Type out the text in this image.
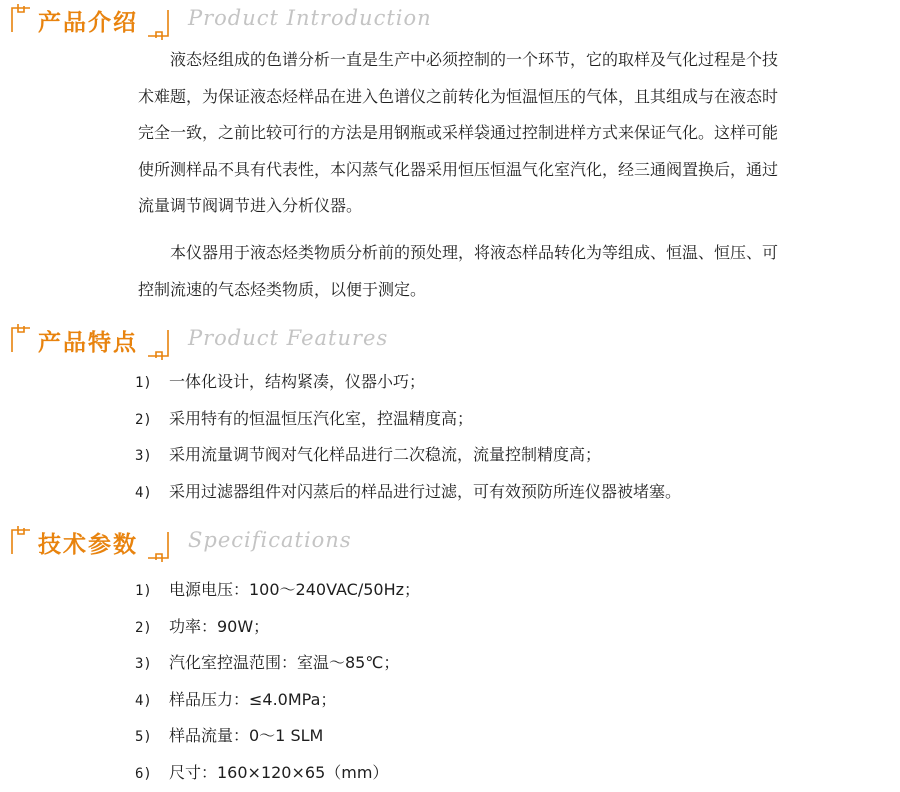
产品介绍 Product Introduction

液态烃组成的色谱分析一直是生产中必须控制的一个环节，它的取样及气化过程是个技术难题，为保证液态烃样品在进入色谱仪之前转化为恒温恒压的气体，且其组成与在液态时完全一致，之前比较可行的方法是用钢瓶或采样袋通过控制进样方式来保证气化。这样可能使所测样品不具有代表性，本闪蒸气化器采用恒压恒温气化室汽化，经三通阀置换后，通过流量调节阀调节进入分析仪器。

本仪器用于液态烃类物质分析前的预处理，将液态样品转化为等组成、恒温、恒压、可控制流速的气态烃类物质，以便于测定。

产品特点 Product Features
1) 一体化设计，结构紧凑，仪器小巧；
2) 采用特有的恒温恒压汽化室，控温精度高；
3) 采用流量调节阀对气化样品进行二次稳流，流量控制精度高；
4) 采用过滤器组件对闪蒸后的样品进行过滤，可有效预防所连仪器被堵塞。
技术参数 Specifications
1) 电源电压：100～240VAC/50Hz；
2) 功率：90W；
3) 汽化室控温范围：室温～85℃；
4) 样品压力：≤4.0MPa；
5) 样品流量：0～1 SLM
6) 尺寸：160×120×65（mm）
